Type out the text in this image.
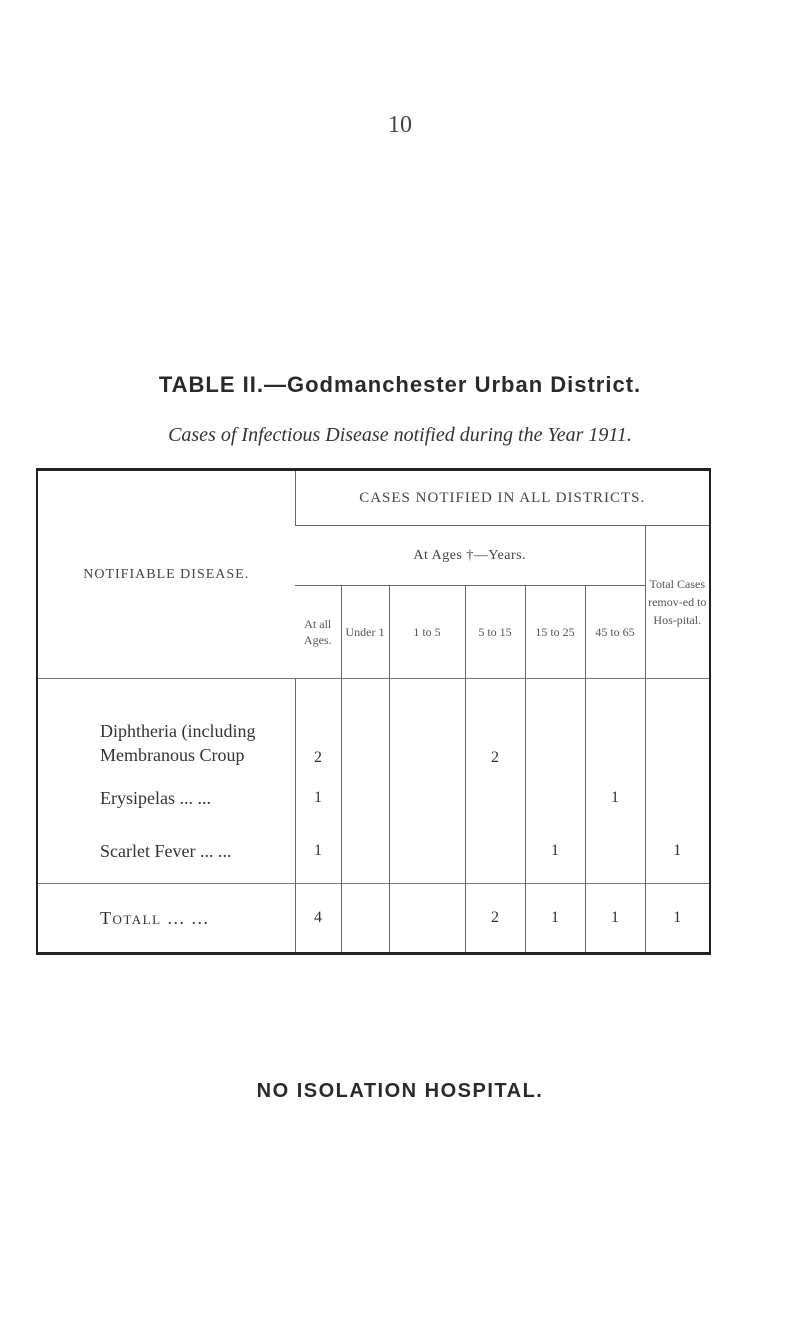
10
TABLE II.—Godmanchester Urban District.
Cases of Infectious Disease notified during the Year 1911.
NOTIFIABLE DISEASE.	CASES NOTIFIED IN ALL DISTRICTS.						
	At Ages †—Years.						Total Cases remov-ed to Hos-pital.
	At all Ages.	Under 1	1 to 5	5 to 15	15 to 25	45 to 65	
Diphtheria (including Membranous Croup	2			2			
Erysipelas ... ...	1					1	
Scarlet Fever ... ...	1				1		1
Totall ... ...	4			2	1	1	1
NO ISOLATION HOSPITAL.
